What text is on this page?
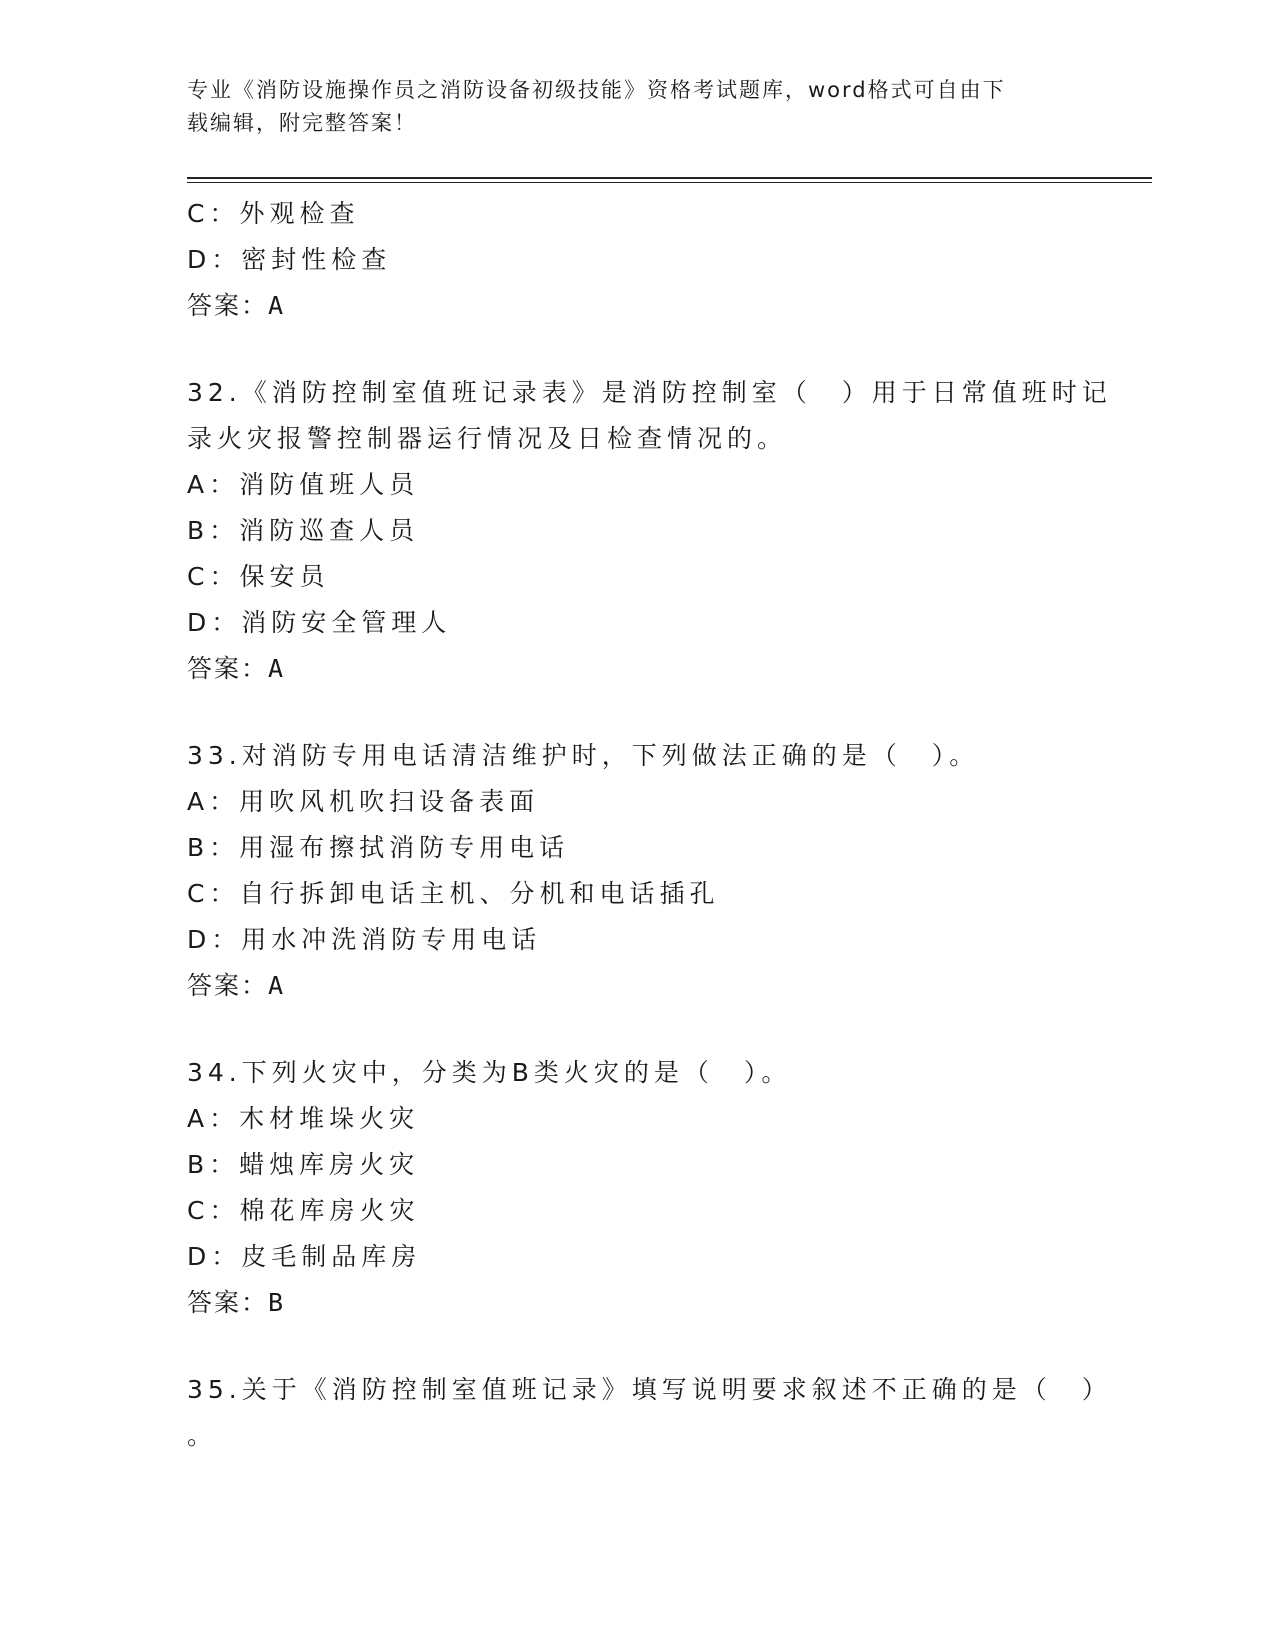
专业《消防设施操作员之消防设备初级技能》资格考试题库，word格式可自由下
载编辑，附完整答案！
C：外观检查
D：密封性检查
答案：A
32.《消防控制室值班记录表》是消防控制室（　）用于日常值班时记
录火灾报警控制器运行情况及日检查情况的。
A：消防值班人员
B：消防巡查人员
C：保安员
D：消防安全管理人
答案：A
33.对消防专用电话清洁维护时，下列做法正确的是（　）。
A：用吹风机吹扫设备表面
B：用湿布擦拭消防专用电话
C：自行拆卸电话主机、分机和电话插孔
D：用水冲洗消防专用电话
答案：A
34.下列火灾中，分类为B类火灾的是（　）。
A：木材堆垛火灾
B：蜡烛库房火灾
C：棉花库房火灾
D：皮毛制品库房
答案：B
35.关于《消防控制室值班记录》填写说明要求叙述不正确的是（　）
。
